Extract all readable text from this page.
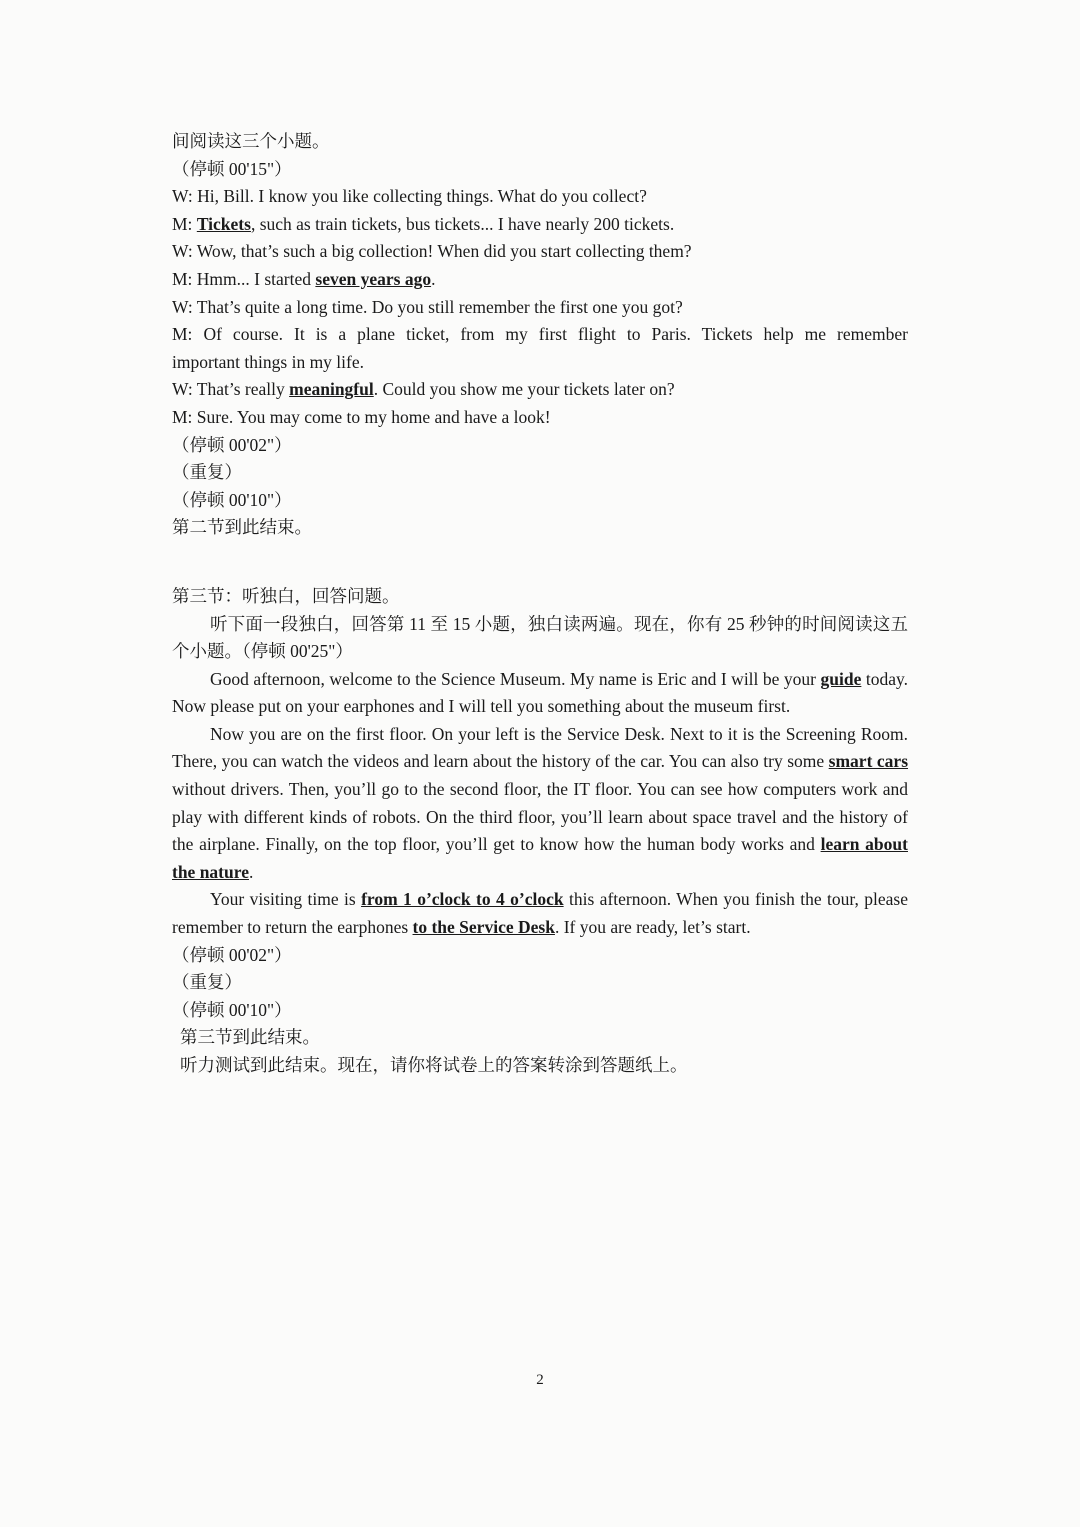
间阅读这三个小题。
（停顿 00'15"）
W: Hi, Bill. I know you like collecting things. What do you collect?
M: Tickets, such as train tickets, bus tickets... I have nearly 200 tickets.
W: Wow, that’s such a big collection! When did you start collecting them?
M: Hmm... I started seven years ago.
W: That’s quite a long time. Do you still remember the first one you got?
M: Of course. It is a plane ticket, from my first flight to Paris. Tickets help me remember
important things in my life.
W: That’s really meaningful. Could you show me your tickets later on?
M: Sure. You may come to my home and have a look!
（停顿 00'02"）
（重复）
（停顿 00'10"）
第二节到此结束。
第三节：听独白，回答问题。
听下面一段独白，回答第 11 至 15 小题，独白读两遍。现在，你有 25 秒钟的时间阅读这五个小题。（停顿 00'25"）
Good afternoon, welcome to the Science Museum. My name is Eric and I will be your guide today. Now please put on your earphones and I will tell you something about the museum first.
Now you are on the first floor. On your left is the Service Desk. Next to it is the Screening Room. There, you can watch the videos and learn about the history of the car. You can also try some smart cars without drivers. Then, you’ll go to the second floor, the IT floor. You can see how computers work and play with different kinds of robots. On the third floor, you’ll learn about space travel and the history of the airplane. Finally, on the top floor, you’ll get to know how the human body works and learn about the nature.
Your visiting time is from 1 o’clock to 4 o’clock this afternoon. When you finish the tour, please remember to return the earphones to the Service Desk. If you are ready, let’s start.
（停顿 00'02"）
（重复）
（停顿 00'10"）
第三节到此结束。
听力测试到此结束。现在，请你将试卷上的答案转涂到答题纸上。
2
